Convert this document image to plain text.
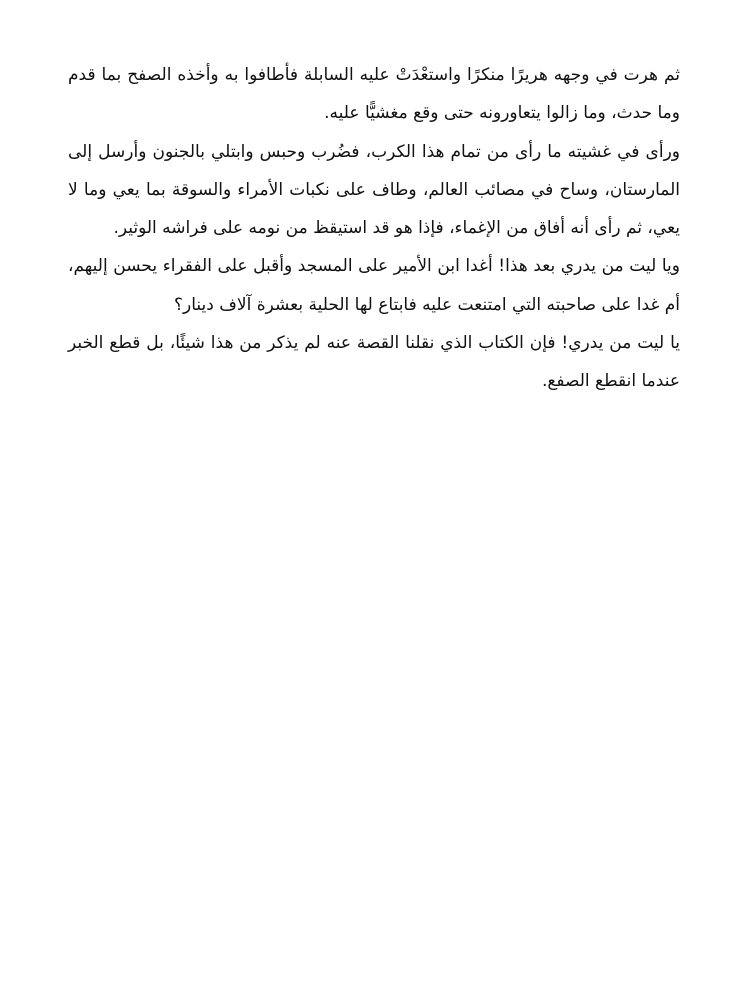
ثم هرت في وجهه هريرًا منكرًا واستعْدَتْ عليه السابلة فأطافوا به وأخذه الصفح بما قدم وما حدث، وما زالوا يتعاورونه حتى وقع مغشيًّا عليه.

ورأى في غشيته ما رأى من تمام هذا الكرب، فضُرب وحبس وابتلي بالجنون وأرسل إلى المارستان، وساح في مصائب العالم، وطاف على نكبات الأمراء والسوقة بما يعي وما لا يعي، ثم رأى أنه أفاق من الإغماء، فإذا هو قد استيقظ من نومه على فراشه الوثير.

ويا ليت من يدري بعد هذا! أغدا ابن الأمير على المسجد وأقبل على الفقراء يحسن إليهم، أم غدا على صاحبته التي امتنعت عليه فابتاع لها الحلية بعشرة آلاف دينار؟

يا ليت من يدري! فإن الكتاب الذي نقلنا القصة عنه لم يذكر من هذا شيئًا، بل قطع الخبر عندما انقطع الصفع.
